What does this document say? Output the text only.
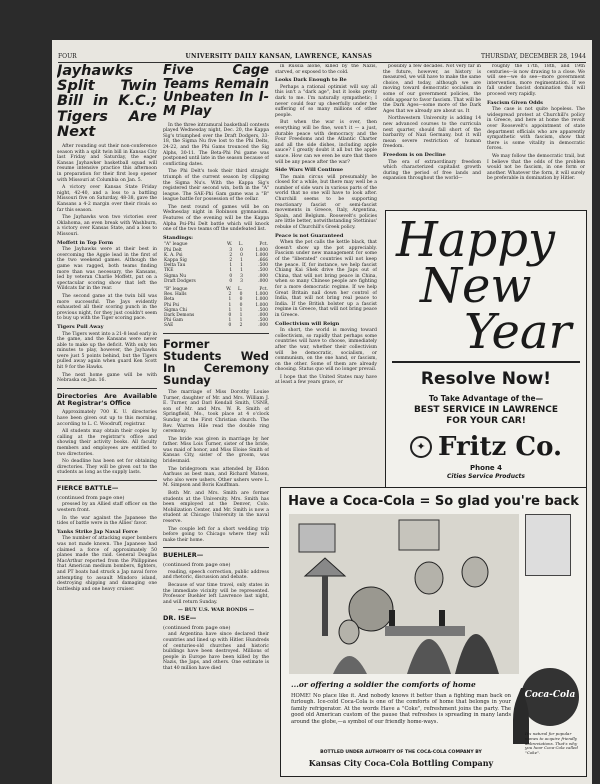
FOUR	UNIVERSITY DAILY KANSAN, LAWRENCE, KANSAS	THURSDAY, DECEMBER 28, 1944
Jayhawks Split Twin Bill in K.C.; Tigers Are Next

After rounding out their non-conference season with a split twin bill in Kansas City last Friday and Saturday, the eager Kansas Jayhawker basketball squad will resume intensive practice this afternoon in preparation for their first loop opener with Missouri at Columbia on Jan. 5.

A victory over Kansas State Friday night, 42-40, and a loss to a battling Missouri five on Saturday, 48-38, gave the Kansans a 4-2 margin over their rivals so far this season.

The Jayhawks won two victories over Oklahoma, an even break with Washburn, a victory over Kansas State, and a loss to Missouri.

Moffett in Top Form

The Jayhawks were at their best in overcoming the Aggie lead in the first of the two weekend games. Although the game was ragged, both teams finding more than was necessary, the Kansans, led by veteran Charlie Moffett, put on a spectacular scoring show that left the Wildcats far in the rear.

The second game at the twin bill was more successful. The Jays evidently exhausted all their scoring punch in the previous night, for they just couldn't seem to buy up with the Tiger scoring pace.

Tigers Pull Away

The Tigers went into a 21-8 lead early in the game, and the Kansans were never able to make up the deficit. With only ten minutes to play, however, the Jayhawks were just 5 points behind, but the Tigers pulled away again when guard Ken Scott hit 9 for the Hawks.

The next home game will be with Nebraska on Jan. 16.

Directories Are Available At Registrar's Office

Approximately 700 K. U. directories have been given out up to this morning, according to L. C. Woodruff, registrar.

All students may obtain their copies by calling at the registrar's office and showing their activity books. All faculty members and employees are entitled to two directories.

No deadline has been set for obtaining directories. They will be given out to the students as long as the supply lasts.

FIERCE BATTLE—
(continued from page one)

pressed by an Allied staff officer on the western front.

In the war against the Japanese the tides of battle were in the Allies' favor.

Yanks Strike Jap Naval Force

The number of attacking super bombers was not made known. The Japanese had claimed a force of approximately 50 planes made the raid. General Douglas MacArthur reported from the Philippines that American medium bombers, fighters, and PT boats had struck a Jap naval force attempting to assault Mindoro island, destroying shipping and damaging one battleship and one heavy cruiser.

Five Cage Teams Remain Unbeaten In I-M Play

In the three intramural basketball contests played Wednesday night, Dec. 20, the Kappa Sig's triumphed over the Draft Dodgers, 33-18, the Sigma Nu five lost to the Phi Delts, 24-22, and the Phi Gams trounced the Sig Alphs, 30-11. The Beta-Phi Psi game was postponed until late in the season because of conflicting dates.

The Phi Delt's took their third straight triumph of the current season by clipping the Sigma Nu's. With the Kappa Sig's registered their second win, both in the "A" league. The SAE-Phi Gam game was a "B" league battle for possession of the cellar.

The next round of games will be on Wednesday night in Robinson gymnasium. Features of the evening will be the Kappa Alpha Psi-Phi Delt battle which will knock one of the two teams off the undefeated list.

Standings:
"A" league	W.	L.	Pct.
Phi Delt	3	0	1.000
K. A. Psi	2	0	1.000
Kappa Sig	2	1	.666
Delta Tau	1	1	.500
TKE	1	1	.500
Sigma Nu	0	3	.000
Draft Dodgers	0	3	.000
"B" league	W.	L.	Pct.
Res. Halls	2	0	1.000
Beta	1	0	1.000
Phi Psi	1	0	1.000
Sigma Chi	1	1	.500
Dark Demons	0	1	.000
Phi Gam	1	1	.500
SAE	0	2	.000
Former Students Wed In Ceremony Sunday

The marriage of Miss Dorothy Louise Turner, daughter of Mr. and Mrs. William J. E. Turner, and Darl Kendall Smith, USNR, son of Mr. and Mrs. W. R. Smith of Springfield, Mo., took place at 4 o'clock Sunday at the First Christian church. The Rev. Warren Hile read the double ring ceremony.

The bride was given in marriage by her father. Miss Lois Turner, sister of the bride, was maid of honor, and Miss Eloise Smith of Kansas City, sister of the groom, was bridesmaid.

The bridegroom was attended by Eldon Aarhuss as best man, and Richard Matsen, who also were ushers. Other ushers were L. M. Simpson and Boris Kauffman.

Both Mr. and Mrs. Smith are former students at the University. Mrs. Smith has been employed at the Denver, Colo. Mobilization Center, and Mr. Smith is now a student at Chicago University in the naval reserve.

The couple left for a short wedding trip before going to Chicago where they will make their home.

BUEHLER—
(continued from page one)

reading, speech correction, public address and rhetoric, discussion and debate.

Because of war time travel, only states in the immediate vicinity will be represented. Professor Buehler left Lawrence last night, and will return Sunday.

— BUY U.S. WAR BONDS —
DR. ISE—
(continued from page one)

and Argentina have since declared their countries and lined up with Hitler. Hundreds of centuries-old churches and historic buildings have been destroyed. Millions of people in Europe have been killed by the Nazis, the Japs, and others. One estimate is that 40 million have died

in Russia alone, killed by the Nazis, starved, or exposed to the cold.

Looks Dark Enough to Be

Perhaps a rational optimist will say all this isn't a "dark age", but it looks pretty dark to me. I'm naturally sympathetic; I never could fear up cheerfully under the suffering of so many millions of other people.

But when the war is over, then everything will be fine, won't it — a just, durable peace with democracy and the Four Freedoms and the Atlantic Charter and all the side dishes, including apple sauce? I greatly doubt it all but the apple sauce. How can we even be sure that there will be any peace after the war?

Side Wars Will Continue

The main circus will presumably be closed for a while, but there may well be a number of side wars in various parts of the world that no one will have to look after. Churchill seems to be supporting reactionary fascist or semi-fascist movements in Greece, Italy, Argentina, Spain, and Belgium. Roosevelt's policies are little better, notwithstanding Stettinius' rebuke of Churchill's Greek policy.

Peace is not Guaranteed

When the pot calls the kettle black, that doesn't show up the pot appreciably. Fascism under new management for some of the "liberated" countries will not keep the peace. If, for instance, we help fascist Chiang Kai Shek drive the Japs out of China, that will not bring peace in China, when so many Chinese people are fighting for a more democratic regime. If we help Great Britain nail down her control of India, that will not bring real peace to India. If the British bolster up a fascist regime in Greece, that will not bring peace in Greece.

Collectivism will Reign

In short, the world is moving toward collectivism, so rapidly that perhaps some countries will have to choose, immediately after the war, whether their collectivism will be democratic, socialism, or communism, on the one hand, or fascism, on the other. Some of them are already choosing. Status quo will no longer prevail.

I hope that the United States may have at least a few years grace, or

possibly a few decades. Not very far in the future, however, as history is measured, we will have to make the same choice, and today, although we are moving toward democratic socialism in some of our government policies, the odds appear to favor fascism. That will be the Dark Ages—some more of the Dark Ages that we already are about us. It

Northwestern University is adding 14 new advanced courses to the curricula next quarter, should fall short of the barbarity of Nazi Germany, but it will mean severe restriction of human freedom.

Freedom is on Decline

The era of extraordinary freedom which characterized capitalist growth during the period of free lands and expansion throughout the world—

roughly the 17th, 18th, and 19th centuries—is now drawing to a close. We will see—we do see—more government intervention, more regimentation. If we fall under fascist domination this will proceed very rapidly.

Fascism Given Odds

The case is not quite hopeless. The widespread protest at Churchill's policy in Greece, and here at home the revolt over Roosevelt's appointment of state department officials who are apparently sympathetic with fascism, show that there is some vitality in democratic forces.

We may follow the democratic trail, but I believe that the odds of the problem would not be fascism, in one form or another. Whatever the form, it will surely be preferable in domination by Hitler.

Happy
New
Year
Resolve Now!
To Take Advantage of the—
BEST SERVICE IN LAWRENCE
FOR YOUR CAR!
✦ Fritz Co.
Phone 4
Cities Service Products
Have a Coca-Cola = So glad you're back
...or offering a soldier the comforts of home
HOME! No place like it. And nobody knows it better than a fighting man back on furlough. Ice-cold Coca-Cola is one of the comforts of home that belongs in your family refrigerator. At the words Have a "Coke", refreshment joins the party. The good old American custom of the pause that refreshes is spreading in many lands around the globe,—a symbol of our friendly home-ways.
BOTTLED UNDER AUTHORITY OF THE COCA-COLA COMPANY BY
Kansas City Coca-Cola Bottling Company
Coca-Cola
It's natural for popular names to acquire friendly abbreviations. That's why you hear Coca-Cola called "Coke".
